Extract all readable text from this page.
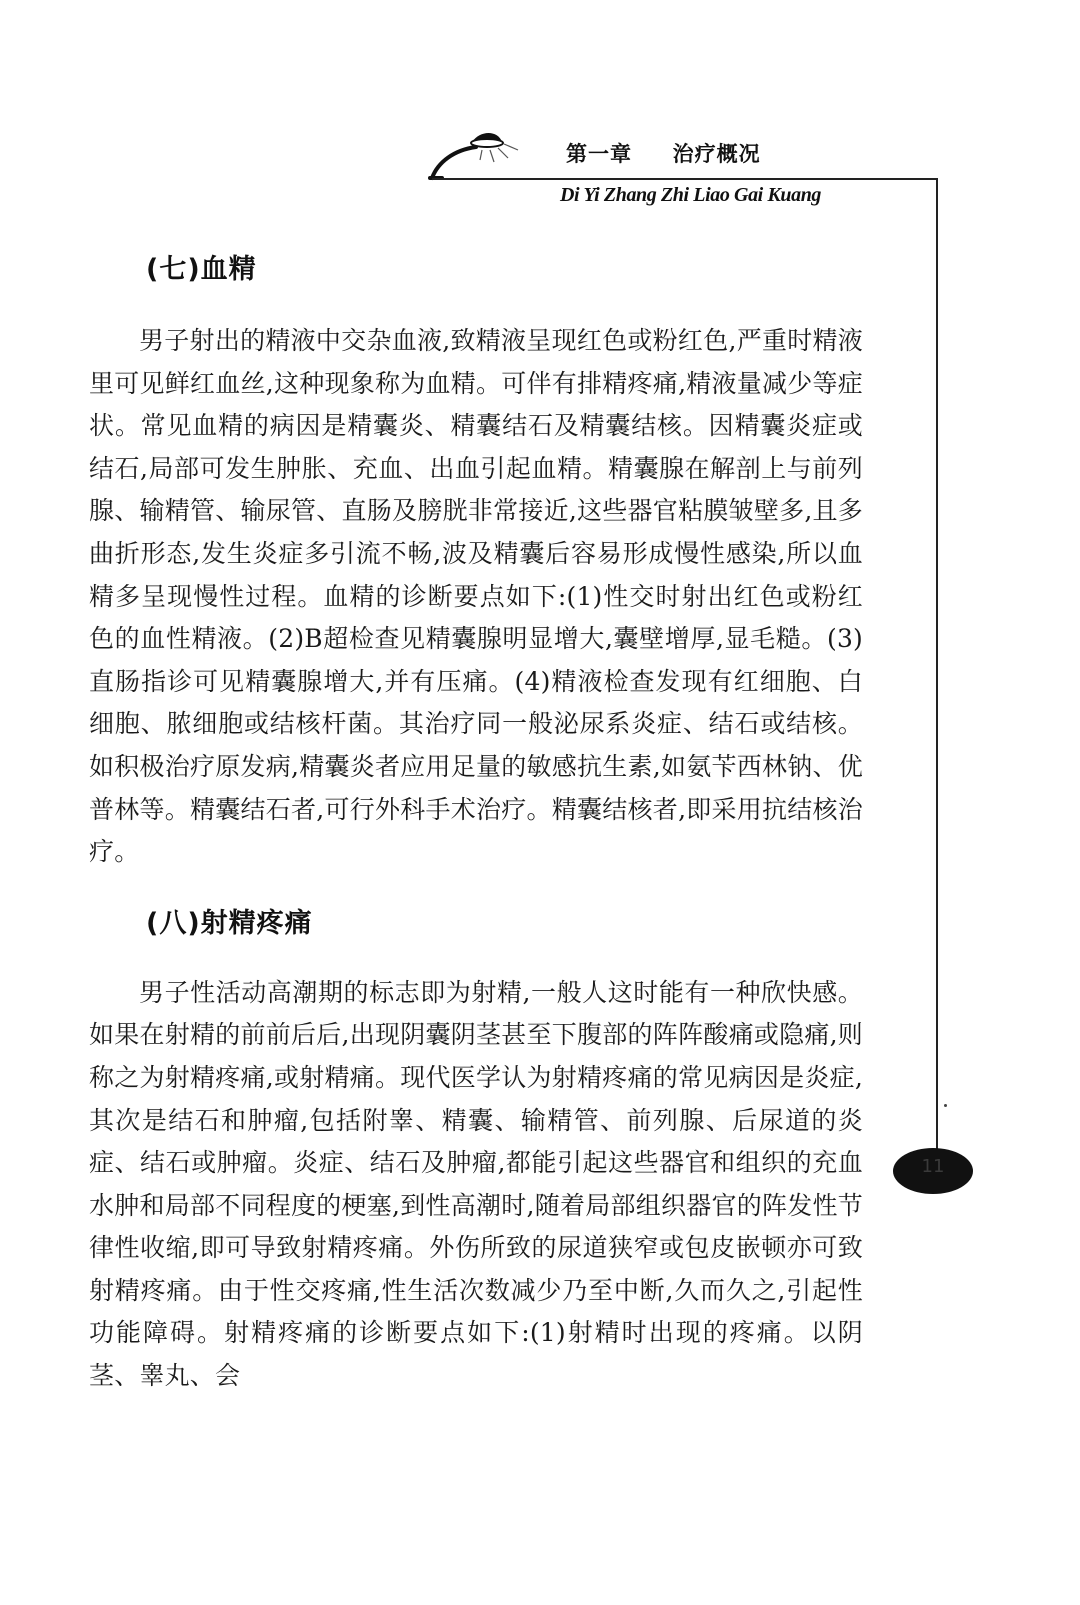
第一章  治疗概况
Di Yi Zhang Zhi Liao Gai Kuang
11
(七)血精

男子射出的精液中交杂血液,致精液呈现红色或粉红色,严重时精液里可见鲜红血丝,这种现象称为血精。可伴有排精疼痛,精液量减少等症状。常见血精的病因是精囊炎、精囊结石及精囊结核。因精囊炎症或结石,局部可发生肿胀、充血、出血引起血精。精囊腺在解剖上与前列腺、输精管、输尿管、直肠及膀胱非常接近,这些器官粘膜皱壁多,且多曲折形态,发生炎症多引流不畅,波及精囊后容易形成慢性感染,所以血精多呈现慢性过程。血精的诊断要点如下:(1)性交时射出红色或粉红色的血性精液。(2)B超检查见精囊腺明显增大,囊壁增厚,显毛糙。(3)直肠指诊可见精囊腺增大,并有压痛。(4)精液检查发现有红细胞、白细胞、脓细胞或结核杆菌。其治疗同一般泌尿系炎症、结石或结核。如积极治疗原发病,精囊炎者应用足量的敏感抗生素,如氨苄西林钠、优普林等。精囊结石者,可行外科手术治疗。精囊结核者,即采用抗结核治疗。

(八)射精疼痛

男子性活动高潮期的标志即为射精,一般人这时能有一种欣快感。如果在射精的前前后后,出现阴囊阴茎甚至下腹部的阵阵酸痛或隐痛,则称之为射精疼痛,或射精痛。现代医学认为射精疼痛的常见病因是炎症,其次是结石和肿瘤,包括附睾、精囊、输精管、前列腺、后尿道的炎症、结石或肿瘤。炎症、结石及肿瘤,都能引起这些器官和组织的充血水肿和局部不同程度的梗塞,到性高潮时,随着局部组织器官的阵发性节律性收缩,即可导致射精疼痛。外伤所致的尿道狭窄或包皮嵌顿亦可致射精疼痛。由于性交疼痛,性生活次数减少乃至中断,久而久之,引起性功能障碍。射精疼痛的诊断要点如下:(1)射精时出现的疼痛。以阴茎、睾丸、会
